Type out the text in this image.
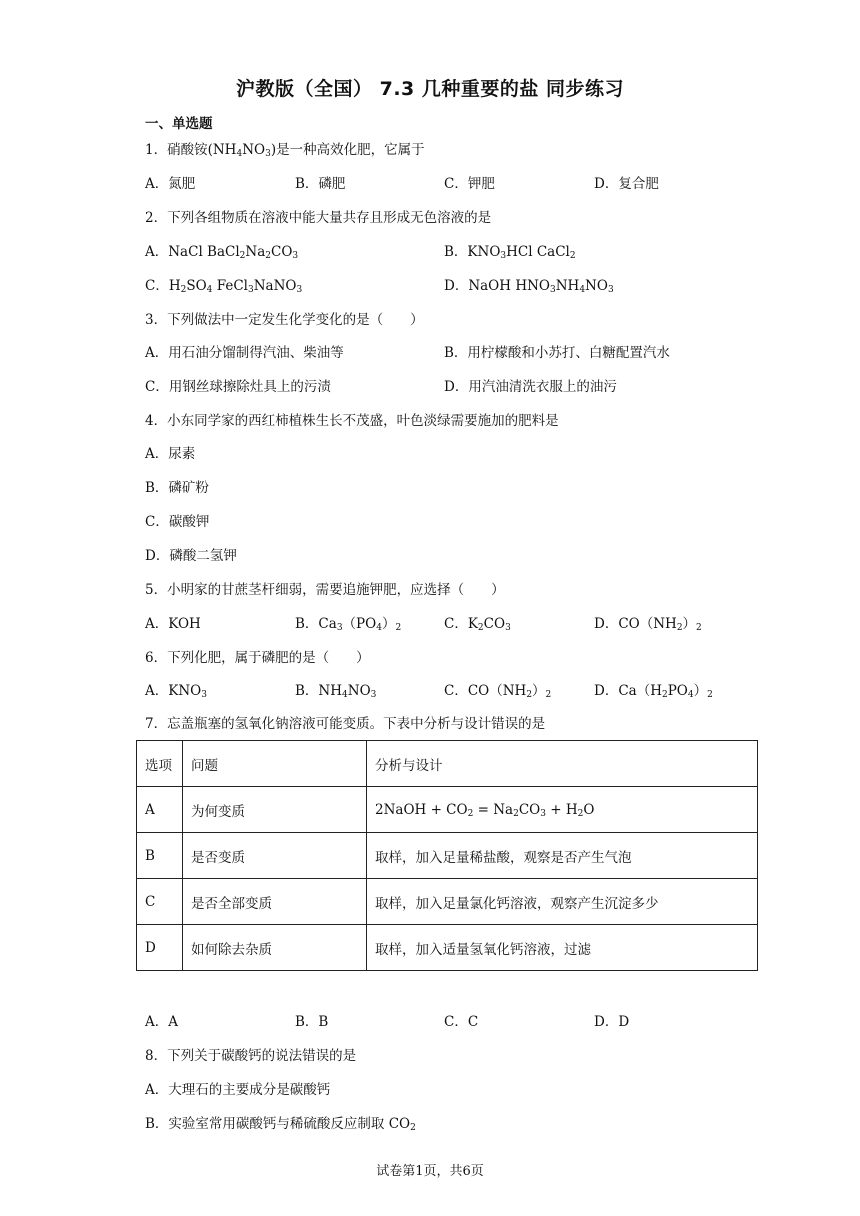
沪教版（全国） 7.3 几种重要的盐 同步练习
一、单选题
1．硝酸铵$(NH_4NO_3)$是一种高效化肥，它属于
A．氮肥	B．磷肥	C．钾肥	D．复合肥
2．下列各组物质在溶液中能大量共存且形成无色溶液的是
A．NaCl $BaCl_2Na_2CO_3$	B．$KNO_3HCl$ CaCl$_2$
C．$H_2SO_4$ FeCl$_3$NaNO$_3$	D．NaOH $HNO_3NH_4NO_3$
3．下列做法中一定发生化学变化的是（　　）
A．用石油分馏制得汽油、柴油等	B．用柠檬酸和小苏打、白糖配置汽水
C．用钢丝球擦除灶具上的污渍	D．用汽油清洗衣服上的油污
4．小东同学家的西红柿植株生长不茂盛，叶色淡绿需要施加的肥料是
A．尿素
B．磷矿粉
C．碳酸钾
D．磷酸二氢钾
5．小明家的甘蔗茎杆细弱，需要追施钾肥，应选择（　　）
A．KOH	B．$Ca_3(PO_4)_2$	C．$K_2CO_3$	D．$CO(NH_2)_2$
6．下列化肥，属于磷肥的是（　　）
A．$KNO_3$	B．$NH_4NO_3$	C．$CO(NH_2)_2$	D．$Ca(H_2PO_4)_2$
7．忘盖瓶塞的氢氧化钠溶液可能变质。下表中分析与设计错误的是
选项	问题	分析与设计
A	为何变质	2NaOH + $CO_2 = Na_2CO_3 + H_2O$
B	是否变质	取样，加入足量稀盐酸，观察是否产生气泡
C	是否全部变质	取样，加入足量氯化钙溶液，观察产生沉淀多少
D	如何除去杂质	取样，加入适量氢氧化钙溶液，过滤
A．A	B．B	C．C	D．D
8．下列关于碳酸钙的说法错误的是
A．大理石的主要成分是碳酸钙
B．实验室常用碳酸钙与稀硫酸反应制取 $CO_2$
试卷第1页，共6页
